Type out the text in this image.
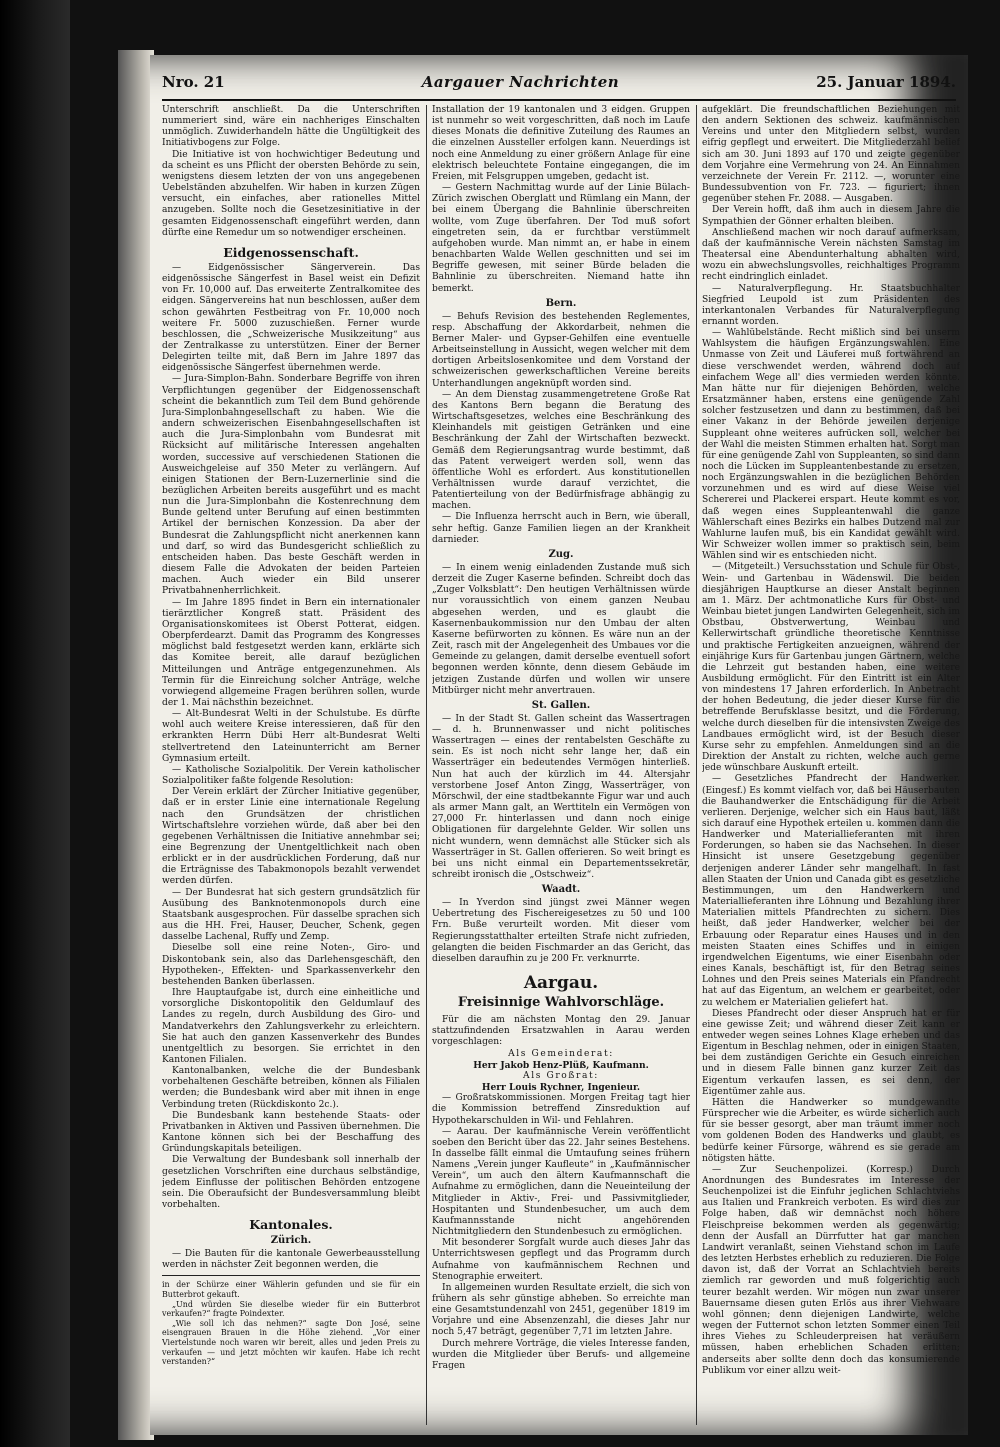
Nro. 21	Aargauer Nachrichten	25. Januar 1894.

Unterschrift anschließt. Da die Unterschriften nummeriert sind, wäre ein nachheriges Einschalten unmöglich. Zuwiderhandeln hätte die Ungültigkeit des Initiativbogens zur Folge.

Die Initiative ist von hochwichtiger Bedeutung und da scheint es uns Pflicht der obersten Behörde zu sein, wenigstens diesem letzten der von uns angegebenen Uebelständen abzuhelfen. Wir haben in kurzen Zügen versucht, ein einfaches, aber rationelles Mittel anzugeben. Sollte noch die Gesetzesinitiative in der gesamten Eidgenossenschaft eingeführt werden, dann dürfte eine Remedur um so notwendiger erscheinen.

Eidgenossenschaft.

— Eidgenössischer Sängerverein. Das eidgenössische Sängerfest in Basel weist ein Defizit von Fr. 10,000 auf. Das erweiterte Zentralkomitee des eidgen. Sängervereins hat nun beschlossen, außer dem schon gewährten Festbeitrag von Fr. 10,000 noch weitere Fr. 5000 zuzuschießen. Ferner wurde beschlossen, die „Schweizerische Musikzeitung“ aus der Zentralkasse zu unterstützen. Einer der Berner Delegirten teilte mit, daß Bern im Jahre 1897 das eidgenössische Sängerfest übernehmen werde.

— Jura-Simplon-Bahn. Sonderbare Begriffe von ihren Verpflichtungen gegenüber der Eidgenossenschaft scheint die bekanntlich zum Teil dem Bund gehörende Jura-Simplonbahngesellschaft zu haben. Wie die andern schweizerischen Eisenbahngesellschaften ist auch die Jura-Simplonbahn vom Bundesrat mit Rücksicht auf militärische Interessen angehalten worden, successive auf verschiedenen Stationen die Ausweichgeleise auf 350 Meter zu verlängern. Auf einigen Stationen der Bern-Luzernerlinie sind die bezüglichen Arbeiten bereits ausgeführt und es macht nun die Jura-Simplonbahn die Kostenrechnung dem Bunde geltend unter Berufung auf einen bestimmten Artikel der bernischen Konzession. Da aber der Bundesrat die Zahlungspflicht nicht anerkennen kann und darf, so wird das Bundesgericht schließlich zu entscheiden haben. Das beste Geschäft werden in diesem Falle die Advokaten der beiden Parteien machen. Auch wieder ein Bild unserer Privatbahnenherrlichkeit.

— Im Jahre 1895 findet in Bern ein internationaler tierärztlicher Kongreß statt. Präsident des Organisationskomitees ist Oberst Potterat, eidgen. Oberpferdearzt. Damit das Programm des Kongresses möglichst bald festgesetzt werden kann, erklärte sich das Komitee bereit, alle darauf bezüglichen Mitteilungen und Anträge entgegenzunehmen. Als Termin für die Einreichung solcher Anträge, welche vorwiegend allgemeine Fragen berühren sollen, wurde der 1. Mai nächsthin bezeichnet.

— Alt-Bundesrat Welti in der Schulstube. Es dürfte wohl auch weitere Kreise interessieren, daß für den erkrankten Herrn Dübi Herr alt-Bundesrat Welti stellvertretend den Lateinunterricht am Berner Gymnasium erteilt.

— Katholische Sozialpolitik. Der Verein katholischer Sozialpolitiker faßte folgende Resolution:

Der Verein erklärt der Zürcher Initiative gegenüber, daß er in erster Linie eine internationale Regelung nach den Grundsätzen der christlichen Wirtschaftslehre vorziehen würde, daß aber bei den gegebenen Verhältnissen die Initiative annehmbar sei; eine Begrenzung der Unentgeltlichkeit nach oben erblickt er in der ausdrücklichen Forderung, daß nur die Erträgnisse des Tabakmonopols bezahlt verwendet werden dürfen.

— Der Bundesrat hat sich gestern grundsätzlich für Ausübung des Banknotenmonopols durch eine Staatsbank ausgesprochen. Für dasselbe sprachen sich aus die HH. Frei, Hauser, Deucher, Schenk, gegen dasselbe Lachenal, Ruffy und Zemp.

Dieselbe soll eine reine Noten-, Giro- und Diskontobank sein, also das Darlehensgeschäft, den Hypotheken-, Effekten- und Sparkassenverkehr den bestehenden Banken überlassen.

Ihre Hauptaufgabe ist, durch eine einheitliche und vorsorgliche Diskontopolitik den Geldumlauf des Landes zu regeln, durch Ausbildung des Giro- und Mandatverkehrs den Zahlungsverkehr zu erleichtern. Sie hat auch den ganzen Kassenverkehr des Bundes unentgeltlich zu besorgen. Sie errichtet in den Kantonen Filialen.

Kantonalbanken, welche die der Bundesbank vorbehaltenen Geschäfte betreiben, können als Filialen werden; die Bundesbank wird aber mit ihnen in enge Verbindung treten (Rückdiskonto 2c.).

Die Bundesbank kann bestehende Staats- oder Privatbanken in Aktiven und Passiven übernehmen. Die Kantone können sich bei der Beschaffung des Gründungskapitals beteiligen.

Die Verwaltung der Bundesbank soll innerhalb der gesetzlichen Vorschriften eine durchaus selbständige, jedem Einflusse der politischen Behörden entzogene sein. Die Oberaufsicht der Bundesversammlung bleibt vorbehalten.

Kantonales.
Zürich.

— Die Bauten für die kantonale Gewerbeausstellung werden in nächster Zeit begonnen werden, die

in der Schürze einer Wählerin gefunden und sie für ein Butterbrot gekauft.

„Und würden Sie dieselbe wieder für ein Butterbrot verkaufen?“ fragte Poindexter.

„Wie soll ich das nehmen?“ sagte Don José, seine eisengrauen Brauen in die Höhe ziehend. „Vor einer Viertelstunde noch waren wir bereit, alles und jeden Preis zu verkaufen — und jetzt möchten wir kaufen. Habe ich recht verstanden?“

Installation der 19 kantonalen und 3 eidgen. Gruppen ist nunmehr so weit vorgeschritten, daß noch im Laufe dieses Monats die definitive Zuteilung des Raumes an die einzelnen Aussteller erfolgen kann. Neuerdings ist noch eine Anmeldung zu einer größern Anlage für eine elektrisch beleuchtete Fontaine eingegangen, die im Freien, mit Felsgruppen umgeben, gedacht ist.

— Gestern Nachmittag wurde auf der Linie Bülach-Zürich zwischen Oberglatt und Rümlang ein Mann, der bei einem Übergang die Bahnlinie überschreiten wollte, vom Zuge überfahren. Der Tod muß sofort eingetreten sein, da er furchtbar verstümmelt aufgehoben wurde. Man nimmt an, er habe in einem benachbarten Walde Wellen geschnitten und sei im Begriffe gewesen, mit seiner Bürde beladen die Bahnlinie zu überschreiten. Niemand hatte ihn bemerkt.

Bern.

— Behufs Revision des bestehenden Reglementes, resp. Abschaffung der Akkordarbeit, nehmen die Berner Maler- und Gypser-Gehilfen eine eventuelle Arbeitseinstellung in Aussicht, wegen welcher mit dem dortigen Arbeitslosenkomitee und dem Vorstand der schweizerischen gewerkschaftlichen Vereine bereits Unterhandlungen angeknüpft worden sind.

— An dem Dienstag zusammengetretene Große Rat des Kantons Bern begann die Beratung des Wirtschaftsgesetzes, welches eine Beschränkung des Kleinhandels mit geistigen Getränken und eine Beschränkung der Zahl der Wirtschaften bezweckt. Gemäß dem Regierungsantrag wurde bestimmt, daß das Patent verweigert werden soll, wenn das öffentliche Wohl es erfordert. Aus konstitutionellen Verhältnissen wurde darauf verzichtet, die Patentierteilung von der Bedürfnisfrage abhängig zu machen.

— Die Influenza herrscht auch in Bern, wie überall, sehr heftig. Ganze Familien liegen an der Krankheit darnieder.

Zug.

— In einem wenig einladenden Zustande muß sich derzeit die Zuger Kaserne befinden. Schreibt doch das „Zuger Volksblatt“: Den heutigen Verhältnissen würde nur voraussichtlich von einem ganzen Neubau abgesehen werden, und es glaubt die Kasernenbaukommission nur den Umbau der alten Kaserne befürworten zu können. Es wäre nun an der Zeit, rasch mit der Angelegenheit des Umbaues vor die Gemeinde zu gelangen, damit derselbe eventuell sofort begonnen werden könnte, denn diesem Gebäude im jetzigen Zustande dürfen und wollen wir unsere Mitbürger nicht mehr anvertrauen.

St. Gallen.

— In der Stadt St. Gallen scheint das Wassertragen — d. h. Brunnenwasser und nicht politisches Wassertragen — eines der rentabelsten Geschäfte zu sein. Es ist noch nicht sehr lange her, daß ein Wasserträger ein bedeutendes Vermögen hinterließ. Nun hat auch der kürzlich im 44. Altersjahr verstorbene Josef Anton Zingg, Wasserträger, von Mörschwil, der eine stadtbekannte Figur war und auch als armer Mann galt, an Werttiteln ein Vermögen von 27,000 Fr. hinterlassen und dann noch einige Obligationen für dargelehnte Gelder. Wir sollen uns nicht wundern, wenn demnächst alle Stücker sich als Wasserträger in St. Gallen offerieren. So weit bringt es bei uns nicht einmal ein Departementssekretär, schreibt ironisch die „Ostschweiz“.

Waadt.

— In Yverdon sind jüngst zwei Männer wegen Uebertretung des Fischereigesetzes zu 50 und 100 Frn. Buße verurteilt worden. Mit dieser vom Regierungsstatthalter erteilten Strafe nicht zufrieden, gelangten die beiden Fischmarder an das Gericht, das dieselben daraufhin zu je 200 Fr. verknurrte.

Aargau.
Freisinnige Wahlvorschläge.

Für die am nächsten Montag den 29. Januar stattzufindenden Ersatzwahlen in Aarau werden vorgeschlagen:

Als Gemeinderat:

Herr Jakob Henz-Plüß, Kaufmann.

Als Großrat:

Herr Louis Rychner, Ingenieur.

— Großratskommissionen. Morgen Freitag tagt hier die Kommission betreffend Zinsreduktion auf Hypothekarschulden in Wil- und Fehlahren.

— Aarau. Der kaufmännische Verein veröffentlicht soeben den Bericht über das 22. Jahr seines Bestehens. In dasselbe fällt einmal die Umtaufung seines frühern Namens „Verein junger Kaufleute“ in „Kaufmännischer Verein“, um auch den ältern Kaufmannschaft die Aufnahme zu ermöglichen, dann die Neueinteilung der Mitglieder in Aktiv-, Frei- und Passivmitglieder, Hospitanten und Stundenbesucher, um auch dem Kaufmannsstande nicht angehörenden Nichtmitgliedern den Stundenbesuch zu ermöglichen.

Mit besonderer Sorgfalt wurde auch dieses Jahr das Unterrichtswesen gepflegt und das Programm durch Aufnahme von kaufmännischem Rechnen und Stenographie erweitert.

In allgemeinen wurden Resultate erzielt, die sich von frühern als sehr günstige abheben. So erreichte man eine Gesamtstundenzahl von 2451, gegenüber 1819 im Vorjahre und eine Absenzenzahl, die dieses Jahr nur noch 5,47 beträgt, gegenüber 7,71 im letzten Jahre.

Durch mehrere Vorträge, die vieles Interesse fanden, wurden die Mitglieder über Berufs- und allgemeine Fragen

aufgeklärt. Die freundschaftlichen Beziehungen mit den andern Sektionen des schweiz. kaufmännischen Vereins und unter den Mitgliedern selbst, wurden eifrig gepflegt und erweitert. Die Mitgliederzahl belief sich am 30. Juni 1893 auf 170 und zeigte gegenüber dem Vorjahre eine Vermehrung von 24. An Einnahmen verzeichnete der Verein Fr. 2112. —, worunter eine Bundessubvention von Fr. 723. — figuriert; ihnen gegenüber stehen Fr. 2088. — Ausgaben.

Der Verein hofft, daß ihm auch in diesem Jahre die Sympathien der Gönner erhalten bleiben.

Anschließend machen wir noch darauf aufmerksam, daß der kaufmännische Verein nächsten Samstag im Theatersal eine Abendunterhaltung abhalten wird, wozu ein abwechslungsvolles, reichhaltiges Programm recht eindringlich einladet.

— Naturalverpflegung. Hr. Staatsbuchhalter Siegfried Leupold ist zum Präsidenten des interkantonalen Verbandes für Naturalverpflegung ernannt worden.

— Wahlübelstände. Recht mißlich sind bei unserm Wahlsystem die häufigen Ergänzungswahlen. Eine Unmasse von Zeit und Läuferei muß fortwährend an diese verschwendet werden, während doch auf einfachem Wege all' dies vermieden werden könnte. Man hätte nur für diejenigen Behörden, welche Ersatzmänner haben, erstens eine genügende Zahl solcher festzusetzen und dann zu bestimmen, daß bei einer Vakanz in der Behörde jeweilen derjenige Suppleant ohne weiteres aufrücken soll, welcher bei der Wahl die meisten Stimmen erhalten hat. Sorgt man für eine genügende Zahl von Suppleanten, so sind dann noch die Lücken im Suppleantenbestande zu ersetzen, noch Ergänzungswahlen in die bezüglichen Behörden vorzunehmen und es wird auf diese Weise viel Schererei und Plackerei erspart. Heute kommt es vor, daß wegen eines Suppleantenwahl die ganze Wählerschaft eines Bezirks ein halbes Dutzend mal zur Wahlurne laufen muß, bis ein Kandidat gewählt wird. Wir Schweizer wollen immer so praktisch sein, beim Wählen sind wir es entschieden nicht.

— (Mitgeteilt.) Versuchsstation und Schule für Obst-, Wein- und Gartenbau in Wädenswil. Die beiden diesjährigen Hauptkurse an dieser Anstalt beginnen am 1. März. Der achtmonatliche Kurs für Obst- und Weinbau bietet jungen Landwirten Gelegenheit, sich im Obstbau, Obstverwertung, Weinbau und Kellerwirtschaft gründliche theoretische Kenntnisse und praktische Fertigkeiten anzueignen, während der einjährige Kurs für Gartenbau jungen Gärtnern, welche die Lehrzeit gut bestanden haben, eine weitere Ausbildung ermöglicht. Für den Eintritt ist ein Alter von mindestens 17 Jahren erforderlich. In Anbetracht der hohen Bedeutung, die jeder dieser Kurse für die betreffende Berufsklasse besitzt, und die Förderung, welche durch dieselben für die intensivsten Zweige des Landbaues ermöglicht wird, ist der Besuch dieser Kurse sehr zu empfehlen. Anmeldungen sind an die Direktion der Anstalt zu richten, welche auch gerne jede wünschbare Auskunft erteilt.

— Gesetzliches Pfandrecht der Handwerker. (Eingesf.) Es kommt vielfach vor, daß bei Häuserbauten die Bauhandwerker die Entschädigung für die Arbeit verlieren. Derjenige, welcher sich ein Haus baut, läßt sich darauf eine Hypothek erteilen u. kommen dann die Handwerker und Materiallieferanten mit ihren Forderungen, so haben sie das Nachsehen. In dieser Hinsicht ist unsere Gesetzgebung gegenüber derjenigen anderer Länder sehr mangelhaft. In fast allen Staaten der Union und Canada gibt es gesetzliche Bestimmungen, um den Handwerkern und Materiallieferanten ihre Löhnung und Bezahlung ihrer Materialien mittels Pfandrechten zu sichern. Dies heißt, daß jeder Handwerker, welcher bei der Erbauung oder Reparatur eines Hauses und in den meisten Staaten eines Schiffes und in einigen irgendwelchen Eigentums, wie einer Eisenbahn oder eines Kanals, beschäftigt ist, für den Betrag seines Lohnes und den Preis seines Materials ein Pfandrecht hat auf das Eigentum, an welchem er gearbeitet, oder zu welchem er Materialien geliefert hat.

Dieses Pfandrecht oder dieser Anspruch hat er für eine gewisse Zeit; und während dieser Zeit kann er entweder wegen seines Lohnes Klage erheben und das Eigentum in Beschlag nehmen, oder in einigen Staaten, bei dem zuständigen Gerichte ein Gesuch einreichen und in diesem Falle binnen ganz kurzer Zeit das Eigentum verkaufen lassen, es sei denn, der Eigentümer zahle aus.

Hätten die Handwerker so mundgewandte Fürsprecher wie die Arbeiter, es würde sicherlich auch für sie besser gesorgt, aber man träumt immer noch vom goldenen Boden des Handwerks und glaubt, es bedürfe keiner Fürsorge, während es sie gerade am nötigsten hätte.

— Zur Seuchenpolizei. (Korresp.) Durch Anordnungen des Bundesrates im Interesse der Seuchenpolizei ist die Einfuhr jeglichen Schlachtviehs aus Italien und Frankreich verboten. Es wird dies zur Folge haben, daß wir demnächst noch höhere Fleischpreise bekommen werden als gegenwärtig; denn der Ausfall an Dürrfutter hat gar manchen Landwirt veranlaßt, seinen Viehstand schon im Laufe des letzten Herbstes erheblich zu reduzieren. Die Folge davon ist, daß der Vorrat an Schlachtvieh bereits ziemlich rar geworden und muß folgerichtig auch teurer bezahlt werden. Wir mögen nun zwar unserer Bauernsame diesen guten Erlös aus ihrer Viehwaare wohl gönnen; denn diejenigen Landwirte, welche wegen der Futternot schon letzten Sommer einen Teil ihres Viehes zu Schleuderpreisen hat veräußern müssen, haben erheblichen Schaden erlitten; anderseits aber sollte denn doch das konsumierende Publikum vor einer allzu weit-
